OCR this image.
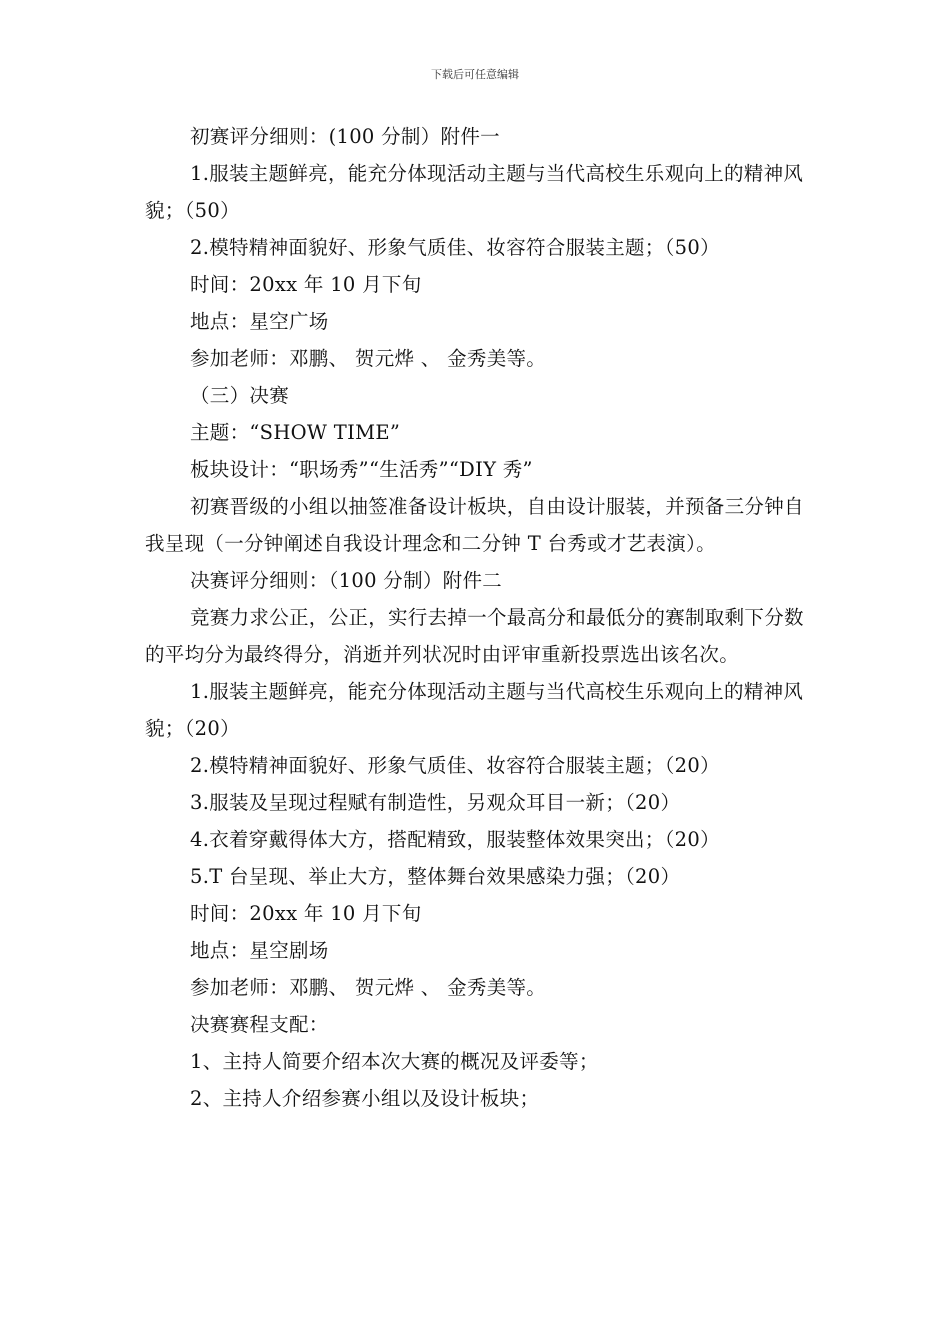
下载后可任意编辑

初赛评分细则：(100 分制）附件一

1.服装主题鲜亮，能充分体现活动主题与当代高校生乐观向上的精神风貌；（50）

2.模特精神面貌好、形象气质佳、妆容符合服装主题；（50）

时间：20xx 年 10 月下旬

地点：星空广场

参加老师：邓鹏、 贺元烨 、 金秀美等。

（三）决赛

主题：“SHOW TIME”

板块设计：“职场秀”“生活秀”“DIY 秀”

初赛晋级的小组以抽签准备设计板块，自由设计服装，并预备三分钟自我呈现（一分钟阐述自我设计理念和二分钟 T 台秀或才艺表演）。

决赛评分细则：（100 分制）附件二

竞赛力求公正，公正，实行去掉一个最高分和最低分的赛制取剩下分数的平均分为最终得分，消逝并列状况时由评审重新投票选出该名次。

1.服装主题鲜亮，能充分体现活动主题与当代高校生乐观向上的精神风貌；（20）

2.模特精神面貌好、形象气质佳、妆容符合服装主题；（20）

3.服装及呈现过程赋有制造性，另观众耳目一新；（20）

4.衣着穿戴得体大方，搭配精致，服装整体效果突出；（20）

5.T 台呈现、举止大方，整体舞台效果感染力强；（20）

时间：20xx 年 10 月下旬

地点：星空剧场

参加老师：邓鹏、 贺元烨 、 金秀美等。

决赛赛程支配：

1、主持人简要介绍本次大赛的概况及评委等；

2、主持人介绍参赛小组以及设计板块；
